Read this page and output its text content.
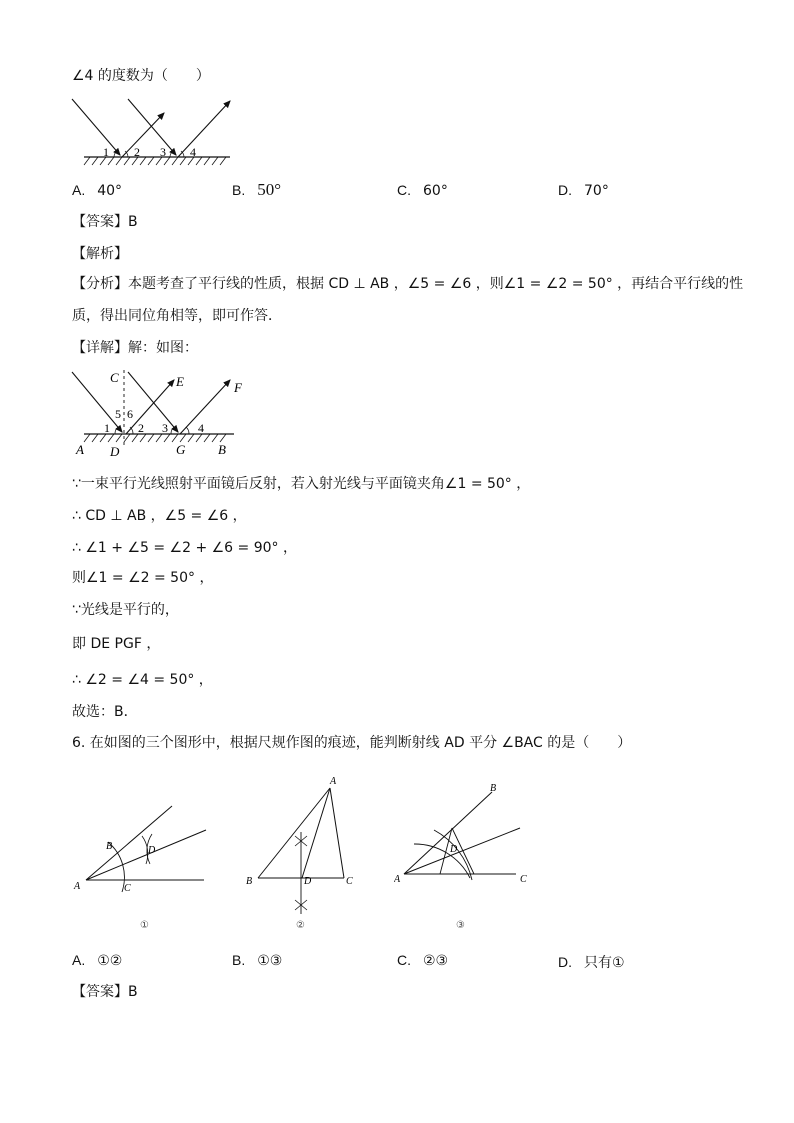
∠4 的度数为（　　）
1 2 3 4
A. 40°	B. 50°	C. 60°	D. 70°
【答案】B
【解析】
【分析】本题考查了平行线的性质，根据 CD ⊥ AB ，∠5 = ∠6 ，则∠1 = ∠2 = 50° ，再结合平行线的性
质，得出同位角相等，即可作答．
【详解】解：如图：
C	E	F
5 6
1 2 3	4
A D	G	B
∵一束平行光线照射平面镜后反射，若入射光线与平面镜夹角∠1 = 50° ，
∴ CD ⊥ AB ，∠5 = ∠6 ，
∴ ∠1 + ∠5 = ∠2 + ∠6 = 90° ，
则∠1 = ∠2 = 50° ，
∵光线是平行的，
即 DE PGF ，
∴ ∠2 = ∠4 = 50° ，
故选：B．
6. 在如图的三个图形中，根据尺规作图的痕迹，能判断射线 AD 平分 ∠BAC 的是（　　）
A
B
C
D
①
A
B	D	C
②
A
B
C
D
③
A. ①②	B. ①③	C. ②③	D. 只有①
【答案】B
